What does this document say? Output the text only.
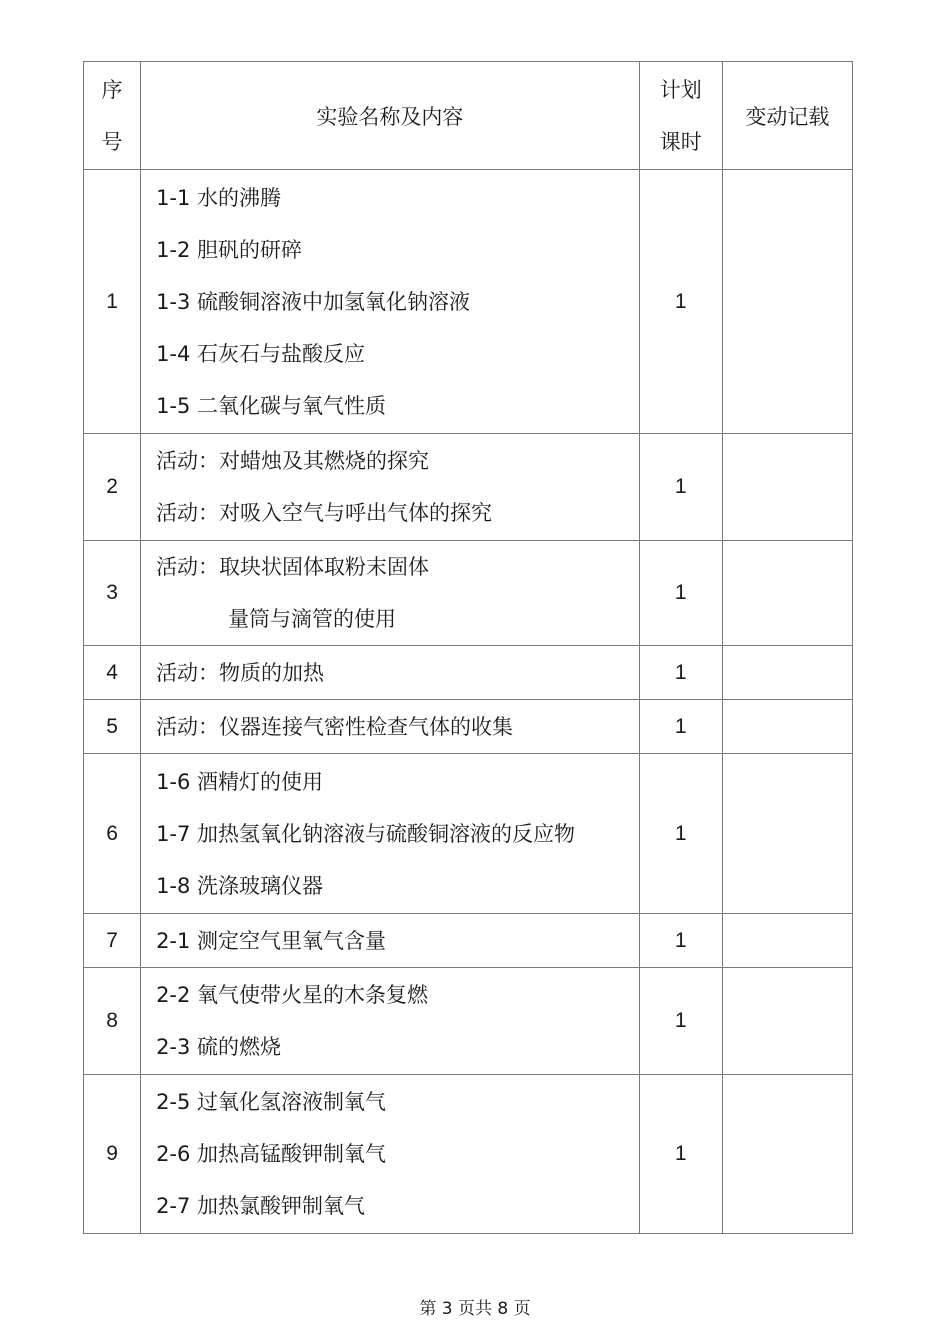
序
号	实验名称及内容	计划
课时	变动记载
1	1-1 水的沸腾
1-2 胆矾的研碎
1-3 硫酸铜溶液中加氢氧化钠溶液
1-4 石灰石与盐酸反应
1-5 二氧化碳与氧气性质	1	
2	活动：对蜡烛及其燃烧的探究
活动：对吸入空气与呼出气体的探究	1	
3	活动：取块状固体取粉末固体
量筒与滴管的使用	1	
4	活动：物质的加热	1	
5	活动：仪器连接气密性检查气体的收集	1	
6	1-6 酒精灯的使用
1-7 加热氢氧化钠溶液与硫酸铜溶液的反应物
1-8 洗涤玻璃仪器	1	
7	2-1 测定空气里氧气含量	1	
8	2-2 氧气使带火星的木条复燃
2-3 硫的燃烧	1	
9	2-5 过氧化氢溶液制氧气
2-6 加热高锰酸钾制氧气
2-7 加热氯酸钾制氧气	1	
第 3 页共 8 页
